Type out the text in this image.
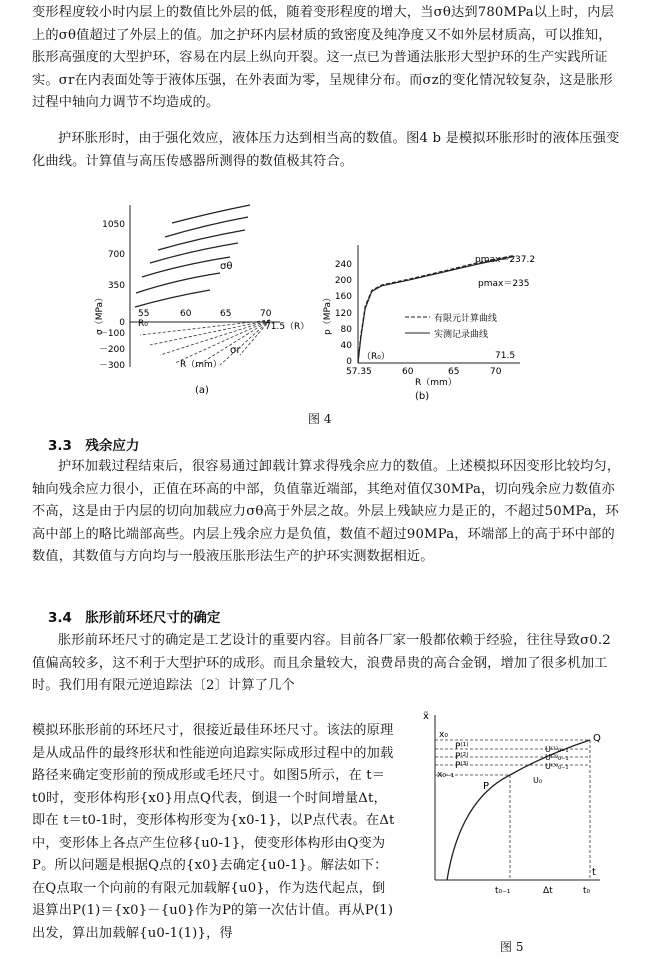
变形程度较小时内层上的数值比外层的低，随着变形程度的增大，当σθ达到780MPa以上时，内层上的σθ值超过了外层上的值。加之护环内层材质的致密度及纯净度又不如外层材质高，可以推知，胀形高强度的大型护环，容易在内层上纵向开裂。这一点已为普通法胀形大型护环的生产实践所证实。σr在内表面处等于液体压强，在外表面为零，呈规律分布。而σz的变化情况较复杂，这是胀形过程中轴向力调节不均造成的。

护环胀形时，由于强化效应，液体压力达到相当高的数值。图4 b 是模拟环胀形时的液体压强变化曲线。计算值与高压传感器所测得的数值极其符合。

1050
700
350
0
－100
－200
－300
σ（MPa）	55	60	65	70
R₀	71.5（R）
σθ
σr
R（mm）
(a)
240
200
160
120
80
40
0
p（MPa）
57.35	60	65	70
71.5
（R₀）
R（mm）
pmax＝237.2
pmax＝235
有限元计算曲线
实测记录曲线
(b)
图 4
3.3　残余应力

护环加载过程结束后，很容易通过卸载计算求得残余应力的数值。上述模拟环因变形比较均匀，轴向残余应力很小，正值在环高的中部，负值靠近端部，其绝对值仅30MPa，切向残余应力数值亦不高，这是由于内层的切向加载应力σθ高于外层之故。外层上残缺应力是正的，不超过50MPa，环高中部上的略比端部高些。内层上残余应力是负值，数值不超过90MPa，环端部上的高于环中部的数值，其数值与方向均与一般液压胀形法生产的护环实测数据相近。

3.4　胀形前环坯尺寸的确定

胀形前环坯尺寸的确定是工艺设计的重要内容。目前各厂家一般都依赖于经验，往往导致σ0.2值偏高较多，这不利于大型护环的成形。而且余量较大，浪费昂贵的高合金钢，增加了很多机加工时。我们用有限元逆追踪法〔2〕计算了几个

模拟环胀形前的环坯尺寸，很接近最佳环坯尺寸。该法的原理是从成品件的最终形状和性能逆向追踪实际成形过程中的加载路径来确定变形前的预成形或毛坯尺寸。如图5所示，在 t＝t0时，变形体构形{x0}用点Q代表，倒退一个时间增量Δt，即在 t＝t0-1时，变形体构形变为{x0-1}，以P点代表。在Δt中，变形体上各点产生位移{u0-1}，使变形体构形由Q变为P。所以问题是根据Q点的{x0}去确定{u0-1}。解法如下：在Q点取一个向前的有限元加载解{u0}，作为迭代起点，倒退算出P(1)＝{x0}－{u0}作为P的第一次估计值。再从P(1)出发，算出加载解{u0-1(1)}，得

x̃
t
x₀
P⁽¹⁾
P⁽²⁾
P⁽³⁾
x₀₋₁
P
Q
U⁽¹⁾₀₋₁
U⁽²⁾₀₋₁
U⁽³⁾₀₋₁
U₀
t₀₋₁	Δt	t₀
图 5
